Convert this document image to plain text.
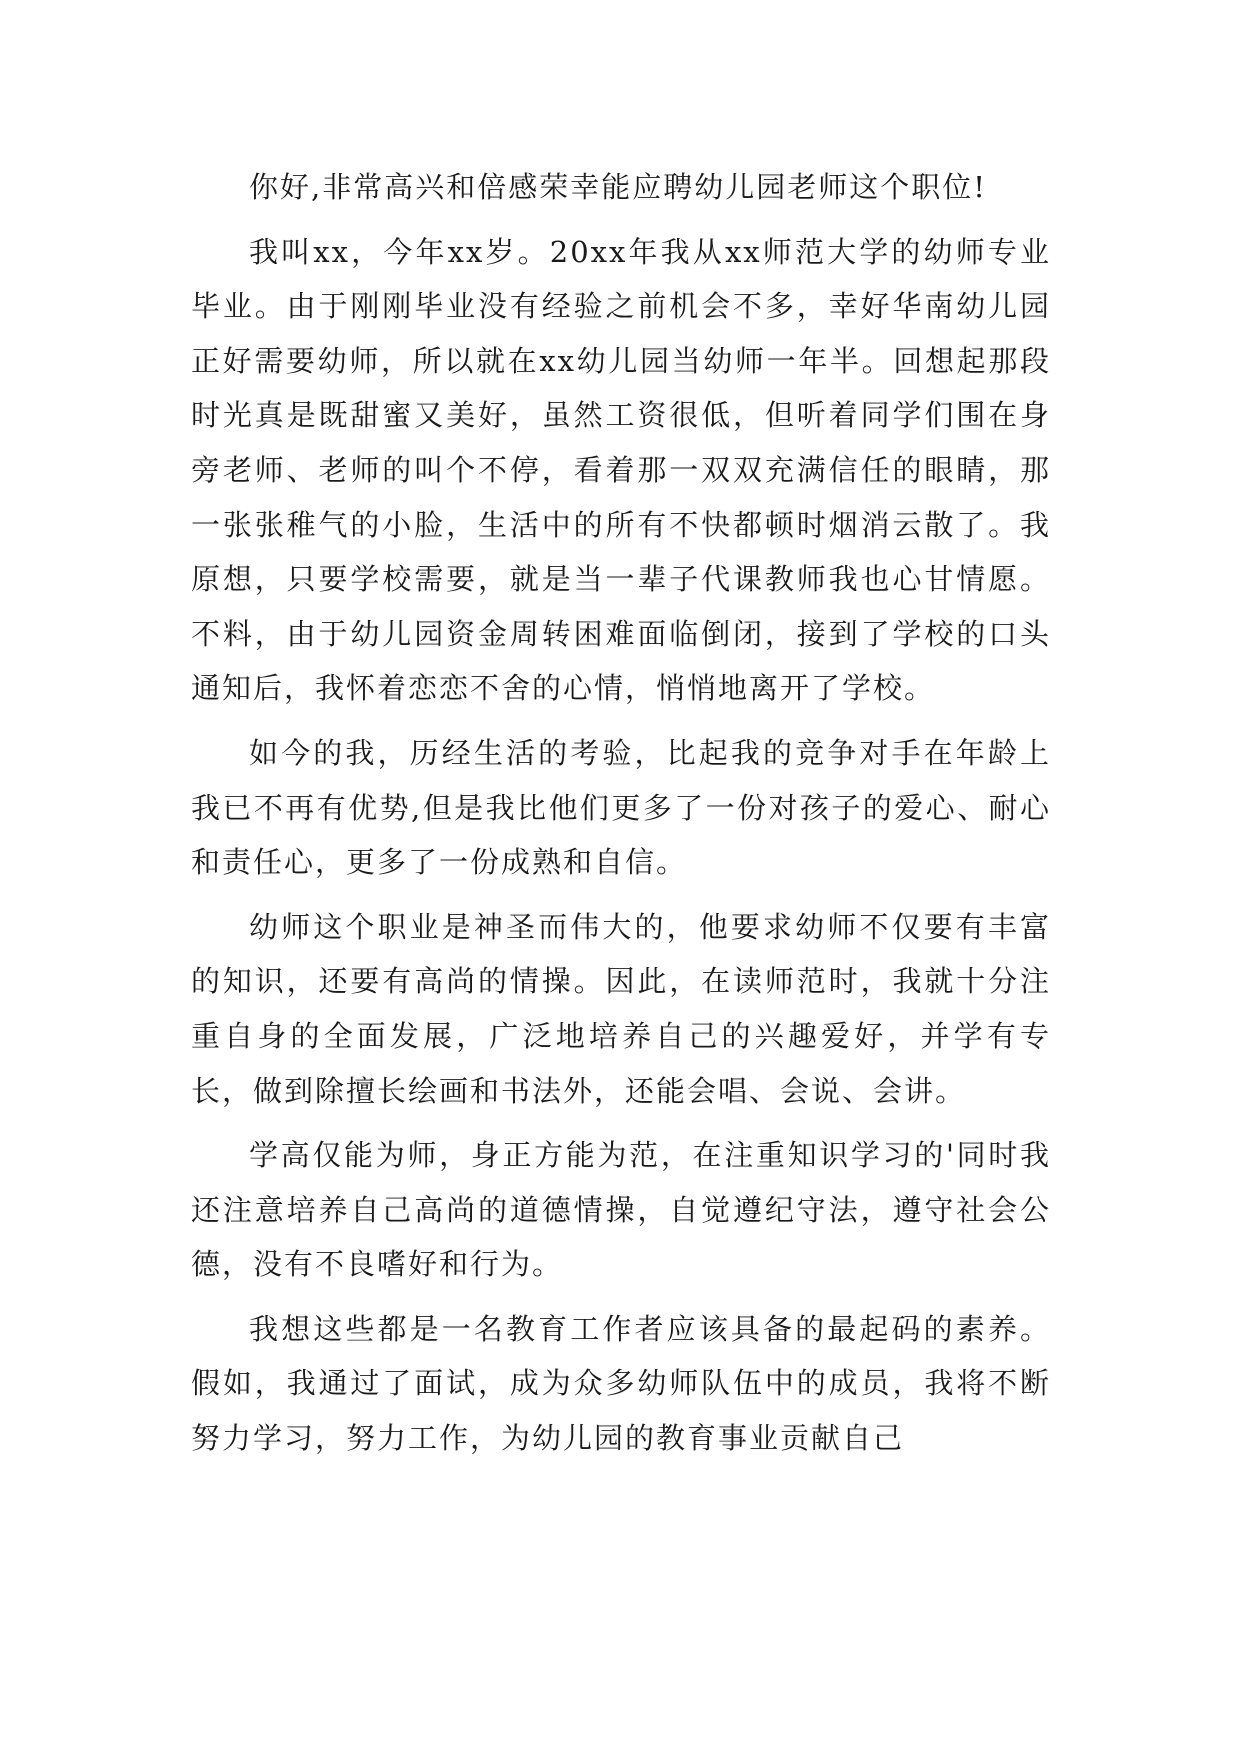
你好,非常高兴和倍感荣幸能应聘幼儿园老师这个职位!

我叫xx，今年xx岁。20xx年我从xx师范大学的幼师专业毕业。由于刚刚毕业没有经验之前机会不多，幸好华南幼儿园正好需要幼师，所以就在xx幼儿园当幼师一年半。回想起那段时光真是既甜蜜又美好，虽然工资很低，但听着同学们围在身旁老师、老师的叫个不停，看着那一双双充满信任的眼睛，那一张张稚气的小脸，生活中的所有不快都顿时烟消云散了。我原想，只要学校需要，就是当一辈子代课教师我也心甘情愿。不料，由于幼儿园资金周转困难面临倒闭，接到了学校的口头通知后，我怀着恋恋不舍的心情，悄悄地离开了学校。

如今的我，历经生活的考验，比起我的竞争对手在年龄上我已不再有优势,但是我比他们更多了一份对孩子的爱心、耐心和责任心，更多了一份成熟和自信。

幼师这个职业是神圣而伟大的，他要求幼师不仅要有丰富的知识，还要有高尚的情操。因此，在读师范时，我就十分注重自身的全面发展，广泛地培养自己的兴趣爱好，并学有专长，做到除擅长绘画和书法外，还能会唱、会说、会讲。

学高仅能为师，身正方能为范，在注重知识学习的'同时我还注意培养自己高尚的道德情操，自觉遵纪守法，遵守社会公德，没有不良嗜好和行为。

我想这些都是一名教育工作者应该具备的最起码的素养。假如，我通过了面试，成为众多幼师队伍中的成员，我将不断努力学习，努力工作，为幼儿园的教育事业贡献自己
